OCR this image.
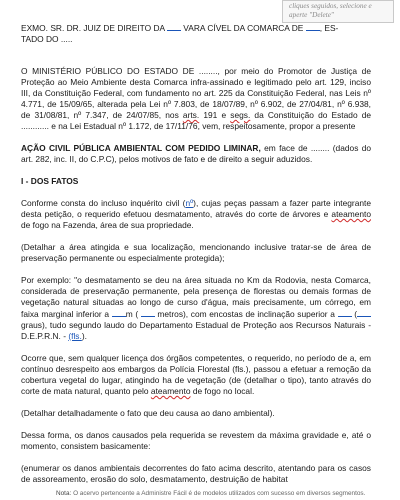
cliques seguidos, selecione e aperte "Delete"
EXMO. SR. DR. JUIZ DE DIREITO DA VARA CÍVEL DA COMARCA DE , ES-
TADO DO .....
O MINISTÉRIO PÚBLICO DO ESTADO DE ........, por meio do Promotor de Justiça de Proteção ao Meio Ambiente desta Comarca infra-assinado e legitimado pelo art. 129, inciso III, da Constituição Federal, com fundamento no art. 225 da Constituição Federal, nas Leis nº 4.771, de 15/09/65, alterada pela Lei nº 7.803, de 18/07/89, nº 6.902, de 27/04/81, nº 6.938, de 31/08/81, nº 7.347, de 24/07/85, nos arts. 191 e segs. da Constituição do Estado de ............ e na Lei Estadual nº 1.172, de 17/11/76, vem, respeitosamente, propor a presente
AÇÃO CIVIL PÚBLICA AMBIENTAL COM PEDIDO LIMINAR, em face de ........ (dados do art. 282, inc. II, do C.P.C), pelos motivos de fato e de direito a seguir aduzidos.
I - DOS FATOS
Conforme consta do incluso inquérito civil (nº), cujas peças passam a fazer parte integrante desta petição, o requerido efetuou desmatamento, através do corte de árvores e ateamento de fogo na Fazenda, área de sua propriedade.
(Detalhar a área atingida e sua localização, mencionando inclusive tratar-se de área de preservação permanente ou especialmente protegida);
Por exemplo: "o desmatamento se deu na área situada no Km da Rodovia, nesta Comarca, considerada de preservação permanente, pela presença de florestas ou demais formas de vegetação natural situadas ao longo de curso d'água, mais precisamente, um córrego, em faixa marginal inferior a m ( metros), com encostas de inclinação superior a ( graus), tudo segundo laudo do Departamento Estadual de Proteção aos Recursos Naturais - D.E.P.R.N. - (fls.).
Ocorre que, sem qualquer licença dos órgãos competentes, o requerido, no período de a, em contínuo desrespeito aos embargos da Polícia Florestal (fls.), passou a efetuar a remoção da cobertura vegetal do lugar, atingindo ha de vegetação (de (detalhar o tipo), tanto através do corte de mata natural, quanto pelo ateamento de fogo no local.
(Detalhar detalhadamente o fato que deu causa ao dano ambiental).
Dessa forma, os danos causados pela requerida se revestem da máxima gravidade e, até o momento, consistem basicamente:
(enumerar os danos ambientais decorrentes do fato acima descrito, atentando para os casos de assoreamento, erosão do solo, desmatamento, destruição de habitat
Nota: O acervo pertencente a Administre Fácil é de modelos utilizados com sucesso em diversos segmentos.
